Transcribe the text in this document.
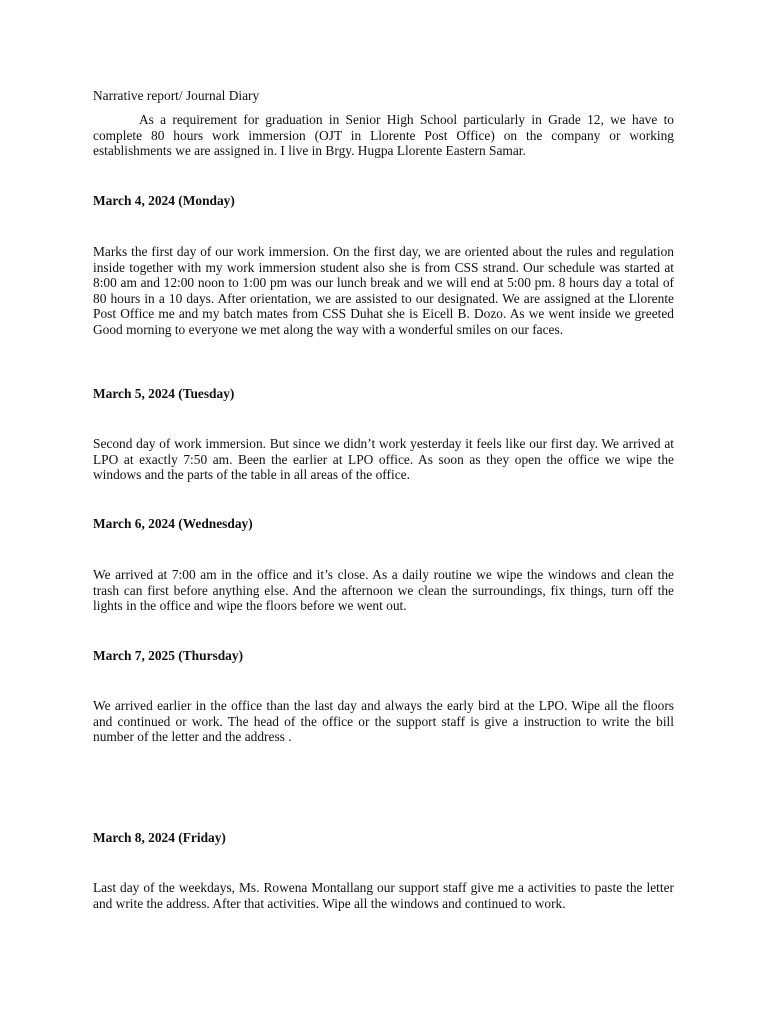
Narrative report/ Journal Diary
As a requirement for graduation in Senior High School particularly in Grade 12, we have to complete 80 hours work immersion (OJT in Llorente Post Office) on the company or working establishments we are assigned in. I live in Brgy. Hugpa Llorente Eastern Samar.
March 4, 2024 (Monday)
Marks the first day of our work immersion. On the first day, we are oriented about the rules and regulation inside together with my work immersion student also she is from CSS strand. Our schedule was started at 8:00 am and 12:00 noon to 1:00 pm was our lunch break and we will end at 5:00 pm. 8 hours day a total of 80 hours in a 10 days. After orientation, we are assisted to our designated. We are assigned at the Llorente Post Office me and my batch mates from CSS Duhat she is Eicell B. Dozo. As we went inside we greeted Good morning to everyone we met along the way with a wonderful smiles on our faces.
March 5, 2024 (Tuesday)
Second day of work immersion. But since we didn’t work yesterday it feels like our first day. We arrived at LPO at exactly 7:50 am. Been the earlier at LPO office. As soon as they open the office we wipe the windows and the parts of the table in all areas of the office.
March 6, 2024 (Wednesday)
We arrived at 7:00 am in the office and it’s close. As a daily routine we wipe the windows and clean the trash can first before anything else. And the afternoon we clean the surroundings, fix things, turn off the lights in the office and wipe the floors before we went out.
March 7, 2025 (Thursday)
We arrived earlier in the office than the last day and always the early bird at the LPO. Wipe all the floors and continued or work. The head of the office or the support staff is give a instruction to write the bill number of the letter and the address .
March 8, 2024 (Friday)
Last day of the weekdays, Ms. Rowena Montallang our support staff give me a activities to paste the letter and write the address. After that activities. Wipe all the windows and continued to work.
